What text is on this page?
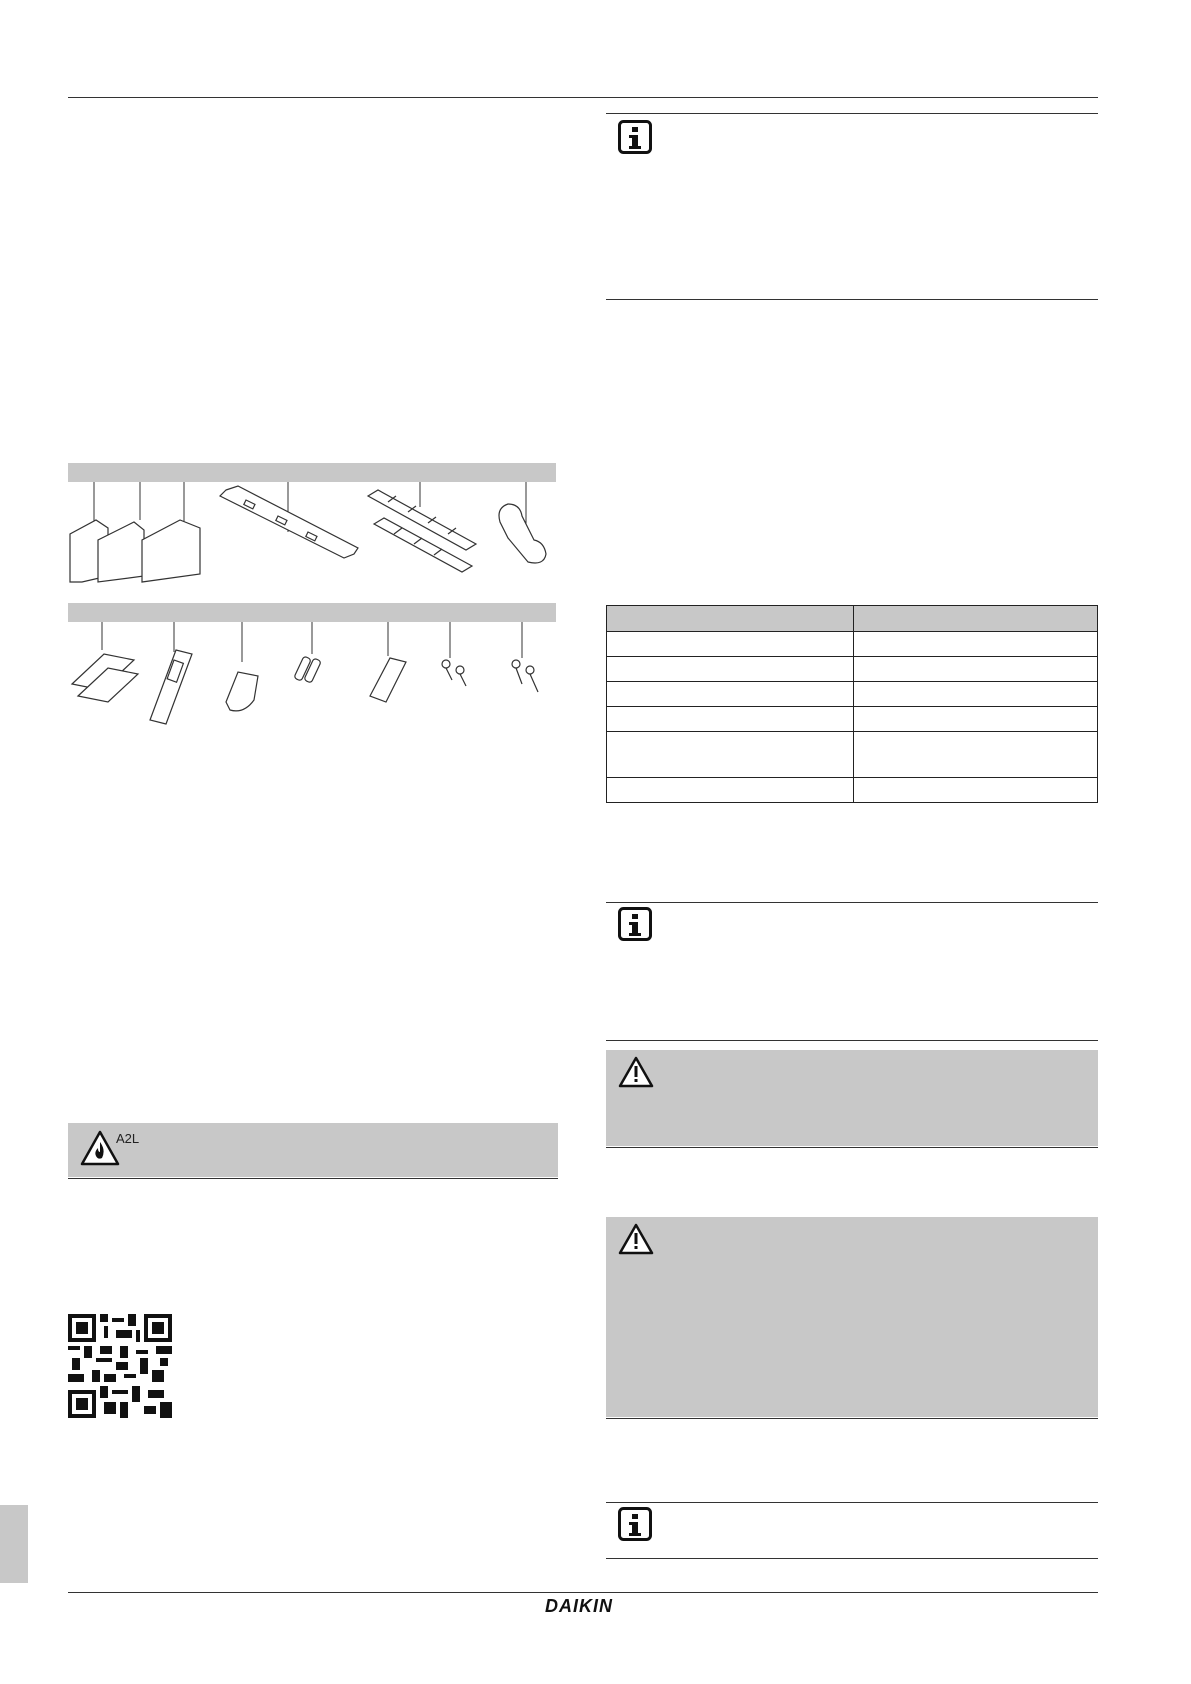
A2L

DAIKIN
